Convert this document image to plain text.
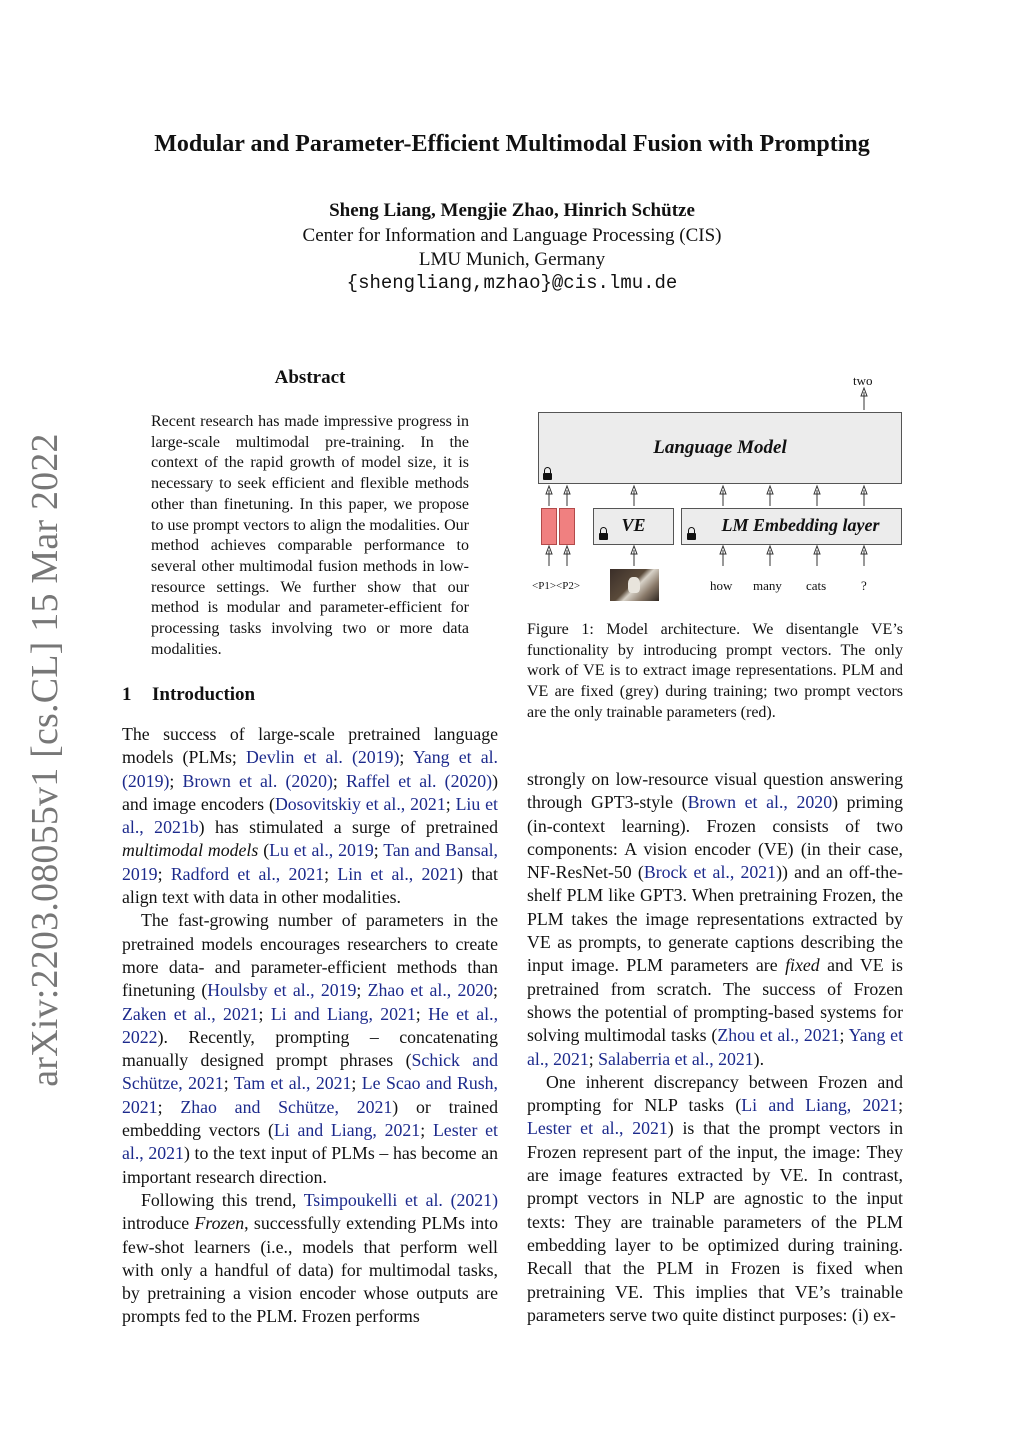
arXiv:2203.08055v1 [cs.CL] 15 Mar 2022
Modular and Parameter-Efficient Multimodal Fusion with Prompting
Sheng Liang, Mengjie Zhao, Hinrich Schütze
Center for Information and Language Processing (CIS)
LMU Munich, Germany
{shengliang,mzhao}@cis.lmu.de
Abstract
Recent research has made impressive progress in large-scale multimodal pre-training. In the context of the rapid growth of model size, it is necessary to seek efficient and flexible methods other than finetuning. In this paper, we propose to use prompt vectors to align the modalities. Our method achieves comparable performance to several other multimodal fusion methods in low-resource settings. We further show that our method is modular and parameter-efficient for processing tasks involving two or more data modalities.
1 Introduction

The success of large-scale pretrained language models (PLMs; Devlin et al. (2019); Yang et al. (2019); Brown et al. (2020); Raffel et al. (2020)) and image encoders (Dosovitskiy et al., 2021; Liu et al., 2021b) has stimulated a surge of pretrained multimodal models (Lu et al., 2019; Tan and Bansal, 2019; Radford et al., 2021; Lin et al., 2021) that align text with data in other modalities.

The fast-growing number of parameters in the pretrained models encourages researchers to create more data- and parameter-efficient methods than finetuning (Houlsby et al., 2019; Zhao et al., 2020; Zaken et al., 2021; Li and Liang, 2021; He et al., 2022). Recently, prompting – concatenating manually designed prompt phrases (Schick and Schütze, 2021; Tam et al., 2021; Le Scao and Rush, 2021; Zhao and Schütze, 2021) or trained embedding vectors (Li and Liang, 2021; Lester et al., 2021) to the text input of PLMs – has become an important research direction.

Following this trend, Tsimpoukelli et al. (2021) introduce Frozen, successfully extending PLMs into few-shot learners (i.e., models that perform well with only a handful of data) for multimodal tasks, by pretraining a vision encoder whose outputs are prompts fed to the PLM. Frozen performs

two
Language Model
VE	LM Embedding layer
<P1><P2>	how many cats	?
Figure 1: Model architecture. We disentangle VE’s functionality by introducing prompt vectors. The only work of VE is to extract image representations. PLM and VE are fixed (grey) during training; two prompt vectors are the only trainable parameters (red).

strongly on low-resource visual question answering through GPT3-style (Brown et al., 2020) priming (in-context learning). Frozen consists of two components: A vision encoder (VE) (in their case, NF-ResNet-50 (Brock et al., 2021)) and an off-the-shelf PLM like GPT3. When pretraining Frozen, the PLM takes the image representations extracted by VE as prompts, to generate captions describing the input image. PLM parameters are fixed and VE is pretrained from scratch. The success of Frozen shows the potential of prompting-based systems for solving multimodal tasks (Zhou et al., 2021; Yang et al., 2021; Salaberria et al., 2021).

One inherent discrepancy between Frozen and prompting for NLP tasks (Li and Liang, 2021; Lester et al., 2021) is that the prompt vectors in Frozen represent part of the input, the image: They are image features extracted by VE. In contrast, prompt vectors in NLP are agnostic to the input texts: They are trainable parameters of the PLM embedding layer to be optimized during training. Recall that the PLM in Frozen is fixed when pretraining VE. This implies that VE’s trainable parameters serve two quite distinct purposes: (i) ex-
